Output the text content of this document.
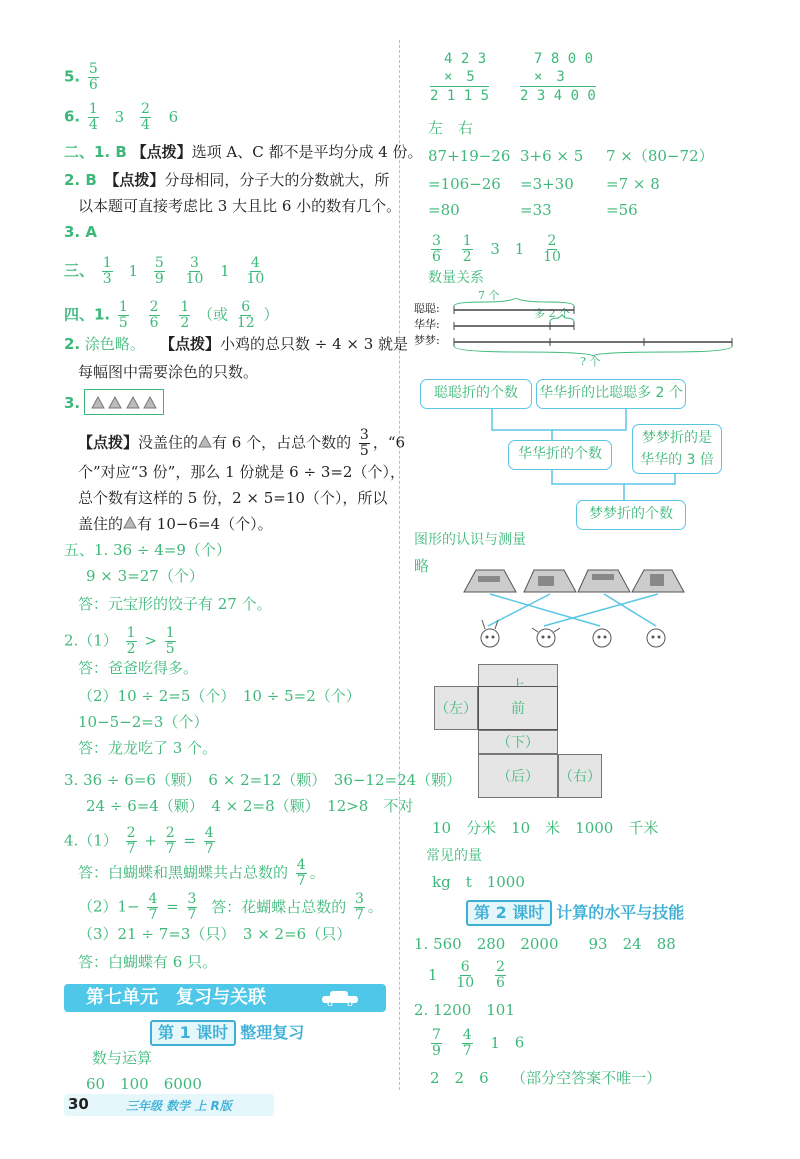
5. $\frac{5}{6}$
6. $\frac{1}{4} 3 \frac{2}{4} 6$
二、1. B 【点拨】选项 A、C 都不是平均分成 4 份。
2. B　 【点拨】分母相同，分子大的分数就大，所
以本题可直接考虑比 3 大且比 6 小的数有几个。
3. A
三、 $\frac{1}{3} 1 \frac{5}{9}$
$\frac{3}{10} 1 \frac{4}{10}$
四、1. $\frac{1}{5}$
$\frac{2}{6}$
$\frac{1}{2}$ （或 $\frac{6}{12}$ ）
2. 涂色略。　　 【点拨】小鸡的总只数 ÷ 4 × 3 就是
每幅图中需要涂色的只数。
3.
【点拨】没盖住的 有 6 个，占总个数的 $\frac{3}{5}$ ，“6
个”对应“3 份”，那么 1 份就是 6 ÷ 3=2（个），
总个数有这样的 5 份，2 × 5=10（个），所以
盖住的 有 10−6=4（个）。
五、1. 36 ÷ 4=9（个）
9 × 3=27（个）
答：元宝形的饺子有 27 个。
$2.(1) \frac{1}{2} > \frac{1}{5}$
答：爸爸吃得多。
（2）10 ÷ 2=5（个）　10 ÷ 5=2（个）
10−5−2=3（个）
答：龙龙吃了 3 个。
3. 36 ÷ 6=6（颗）　6 × 2=12（颗）　36−12=24（颗）
24 ÷ 6=4（颗）　4 × 2=8（颗）　12>8　不对
$4.(1) \frac{2}{7} + \frac{2}{7} = \frac{4}{7}$
答：白蝴蝶和黑蝴蝶共占总数的 $\frac{4}{7}$ 。
$(2)1- \frac{4}{7} = \frac{3}{7}$ 答：花蝴蝶占总数的 $\frac{3}{7}$ 。
（3）21 ÷ 7=3（只）　3 × 2=6（只）
答：白蝴蝶有 6 只。
第七单元　复习与关联
第 1 课时 整理复习
数与运算
60　100　6000
30	三年级 数学 上 R版
4 2 3
×　5
2 1 1 5
7 8 0 0
×　3
2 3 4 0 0
左　右
87+19−26 3+6 × 5 7 ×（80−72）
=106−26 =3+30 =7 × 8
=80	=33	=56
$\frac{3}{6}$
$\frac{1}{2} 3$ $1 \frac{2}{10}$
数量关系
聪聪:
华华:
梦梦:
7 个
多 2 个
? 个
聪聪折的个数	华华折的比聪聪多 2 个
华华折的个数
梦梦折的是
华华的 3 倍
梦梦折的个数
图形的认识与测量
略
（左）	前
（下）
（后）	（右）
10　分米　10　米　1000　千米
常见的量
kg　t　1000
第 2 课时 计算的水平与技能
1. 560　280　2000　　93　24　88
$1 \frac{6}{10}$
$\frac{2}{6}$
2. 1200　101
$\frac{7}{9}$
$\frac{4}{7} 1$ 6
2　2　6　　（部分空答案不唯一）
